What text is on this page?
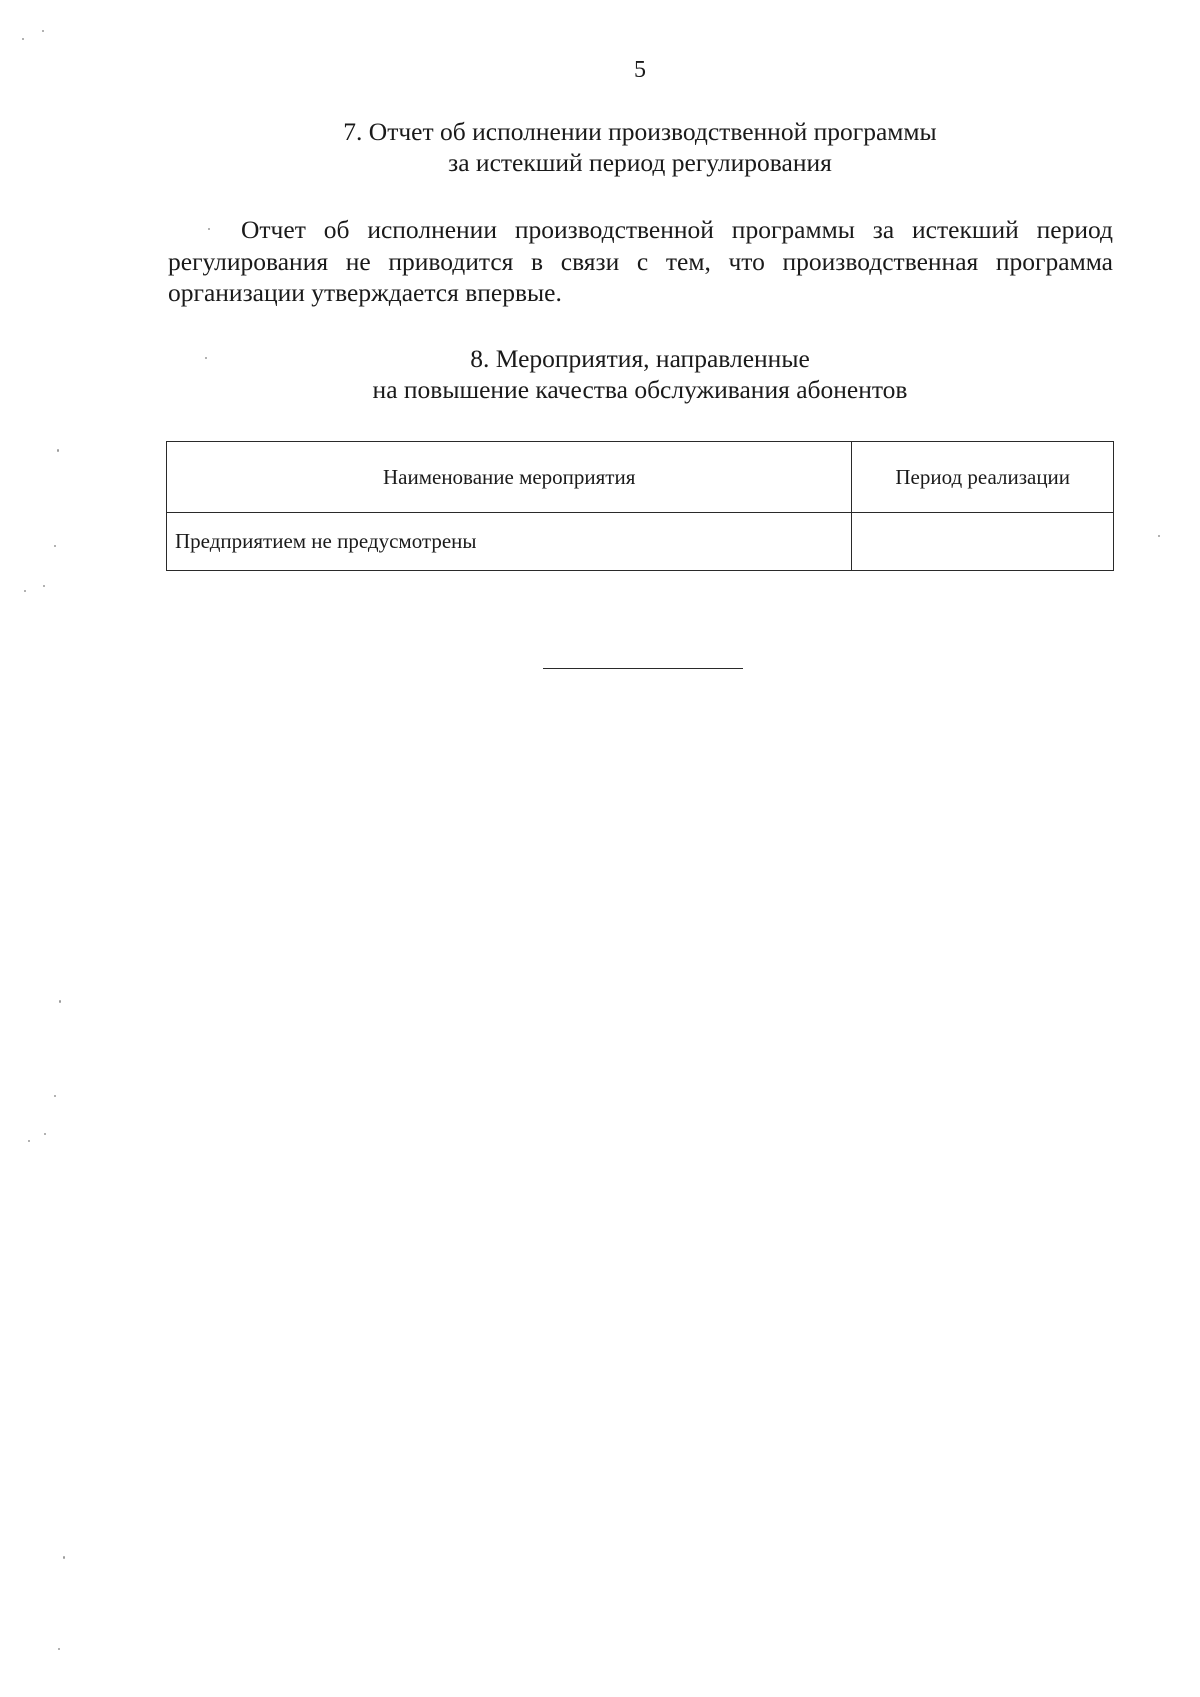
5
7. Отчет об исполнении производственной программы
за истекший период регулирования

Отчет об исполнении производственной программы за истекший период регулирования не приводится в связи с тем, что производственная программа организации утверждается впервые.

8. Мероприятия, направленные
на повышение качества обслуживания абонентов
Наименование мероприятия	Период реализации
Предприятием не предусмотрены	
